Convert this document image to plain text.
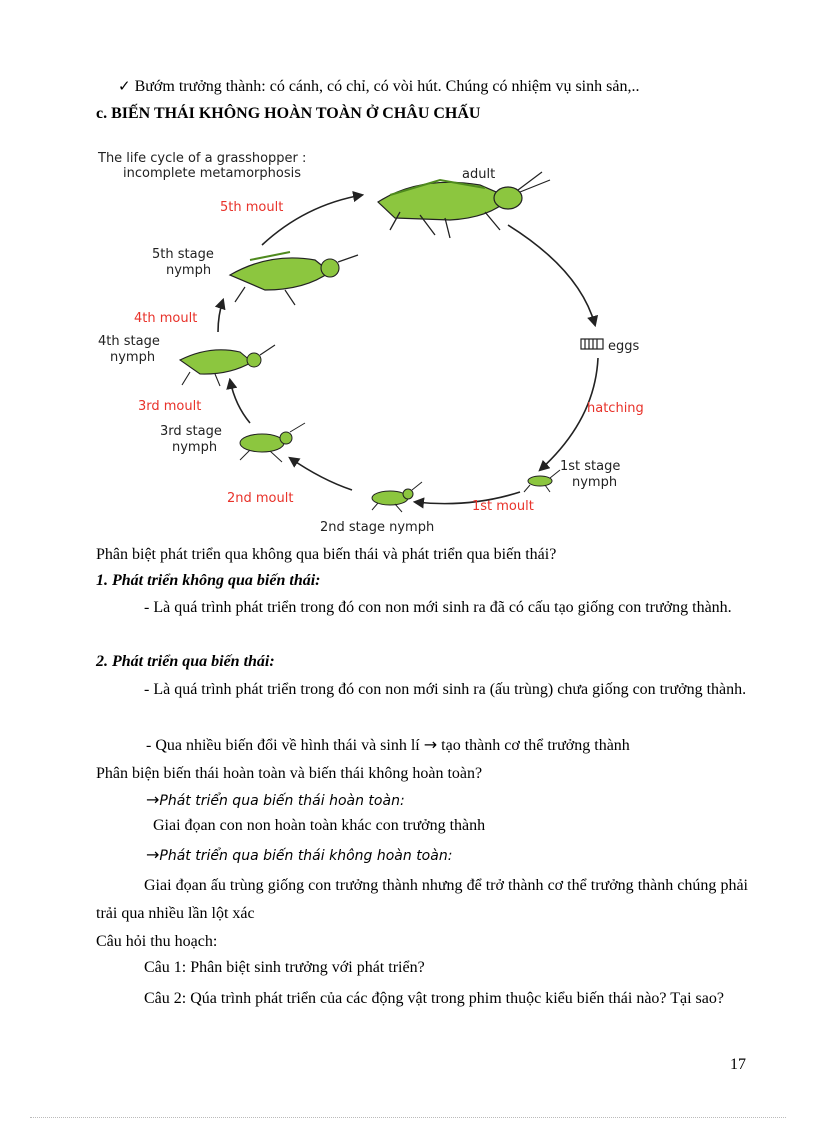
✓ Bướm trưởng thành: có cánh, có chỉ, có vòi hút. Chúng có nhiệm vụ sinh sản,..
c. BIẾN THÁI KHÔNG HOÀN TOÀN Ở CHÂU CHẤU
The life cycle of a grasshopper :
incomplete metamorphosis	adult
eggs
hatching
1st stage
nymph
1st moult
2nd stage nymph
2nd moult
3rd stage
nymph
3rd moult
4th stage
nymph
4th moult
5th stage
nymph
5th moult
Phân biệt phát triển qua không qua biến thái và phát triển qua biến thái?
1. Phát triển không qua biến thái:
- Là quá trình phát triển trong đó con non mới sinh ra đã có cấu tạo giống con trưởng thành.
2. Phát triển qua biến thái:
- Là quá trình phát triển trong đó con non mới sinh ra (ấu trùng) chưa giống con trưởng thành.
- Qua nhiều biến đổi về hình thái và sinh lí → tạo thành cơ thể trưởng thành
Phân biện biến thái hoàn toàn và biến thái không hoàn toàn?
→Phát triển qua biến thái hoàn toàn:
Giai đọan con non hoàn toàn khác con trưởng thành
→Phát triển qua biến thái không hoàn toàn:
Giai đọan ấu trùng giống con trưởng thành nhưng để trở thành cơ thể trưởng thành chúng phải trải qua nhiều lần lột xác
Câu hỏi thu hoạch:
Câu 1: Phân biệt sinh trưởng với phát triển?
Câu 2: Qúa trình phát triển của các động vật trong phim thuộc kiểu biến thái nào? Tại sao?
17
